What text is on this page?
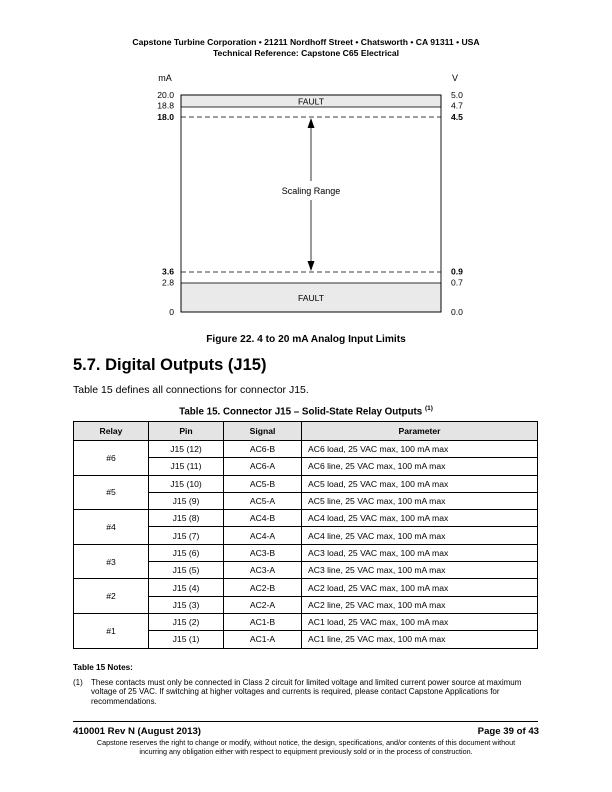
Capstone Turbine Corporation • 21211 Nordhoff Street • Chatsworth • CA 91311 • USA
Technical Reference: Capstone C65 Electrical
mA	V
FAULT
FAULT
Scaling Range
20.0	5.0
18.8	4.7
18.0	4.5
3.6	0.9
2.8	0.7
0	0.0
Figure 22. 4 to 20 mA Analog Input Limits
5.7. Digital Outputs (J15)
Table 15 defines all connections for connector J15.
Table 15. Connector J15 – Solid-State Relay Outputs $^{(1)}$
Relay	Pin	Signal	Parameter
#6	J15 (12)	AC6-B	AC6 load, 25 VAC max, 100 mA max
	J15 (11)	AC6-A	AC6 line, 25 VAC max, 100 mA max
#5	J15 (10)	AC5-B	AC5 load, 25 VAC max, 100 mA max
	J15 (9)	AC5-A	AC5 line, 25 VAC max, 100 mA max
#4	J15 (8)	AC4-B	AC4 load, 25 VAC max, 100 mA max
	J15 (7)	AC4-A	AC4 line, 25 VAC max, 100 mA max
#3	J15 (6)	AC3-B	AC3 load, 25 VAC max, 100 mA max
	J15 (5)	AC3-A	AC3 line, 25 VAC max, 100 mA max
#2	J15 (4)	AC2-B	AC2 load, 25 VAC max, 100 mA max
	J15 (3)	AC2-A	AC2 line, 25 VAC max, 100 mA max
#1	J15 (2)	AC1-B	AC1 load, 25 VAC max, 100 mA max
	J15 (1)	AC1-A	AC1 line, 25 VAC max, 100 mA max
Table 15 Notes:
(1) These contacts must only be connected in Class 2 circuit for limited voltage and limited current power source at maximum voltage of 25 VAC. If switching at higher voltages and currents is required, please contact Capstone Applications for recommendations.
410001 Rev N (August 2013)	Page 39 of 43
Capstone reserves the right to change or modify, without notice, the design, specifications, and/or contents of this document without
incurring any obligation either with respect to equipment previously sold or in the process of construction.
